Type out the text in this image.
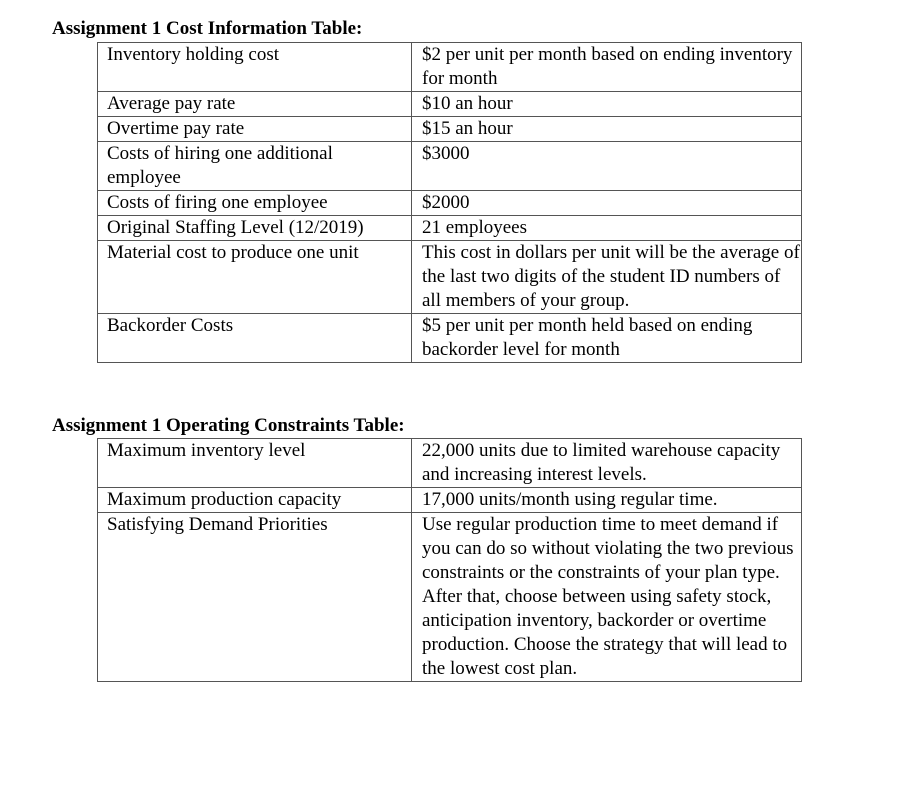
Assignment 1 Cost Information Table:
Inventory holding cost	$2 per unit per month based on ending inventory for month
Average pay rate	$10 an hour
Overtime pay rate	$15 an hour
Costs of hiring one additional employee	$3000
Costs of firing one employee	$2000
Original Staffing Level (12/2019)	21 employees
Material cost to produce one unit	This cost in dollars per unit will be the average of the last two digits of the student ID numbers of all members of your group.
Backorder Costs	$5 per unit per month held based on ending backorder level for month
Assignment 1 Operating Constraints Table:
Maximum inventory level	22,000 units due to limited warehouse capacity and increasing interest levels.
Maximum production capacity	17,000 units/month using regular time.
Satisfying Demand Priorities	Use regular production time to meet demand if you can do so without violating the two previous constraints or the constraints of your plan type. After that, choose between using safety stock, anticipation inventory, backorder or overtime production. Choose the strategy that will lead to the lowest cost plan.
